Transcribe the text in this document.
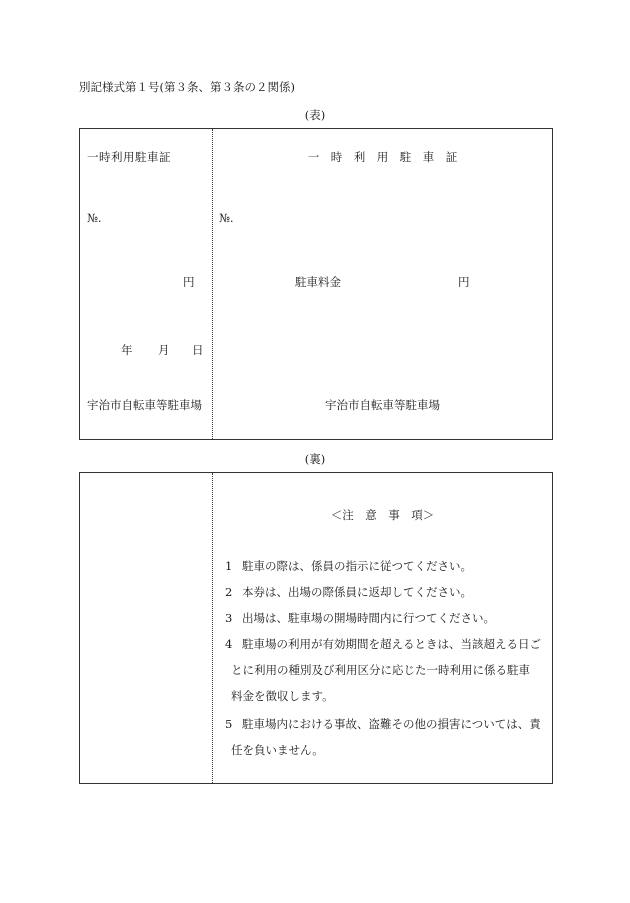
別記様式第１号(第３条、第３条の２関係)
(表)
一時利用駐車証
№.
円
年 月 日
宇治市自転車等駐車場
一　時　利　用　駐　車　証
№.
駐車料金	円
宇治市自転車等駐車場
(裏)
＜注　意　事　項＞
1 駐車の際は、係員の指示に従つてください。
2 本券は、出場の際係員に返却してください。
3 出場は、駐車場の開場時間内に行つてください。
4 駐車場の利用が有効期間を超えるときは、当該超える日ご
とに利用の種別及び利用区分に応じた一時利用に係る駐車
料金を徴収します。
5 駐車場内における事故、盗難その他の損害については、責
任を負いません。
